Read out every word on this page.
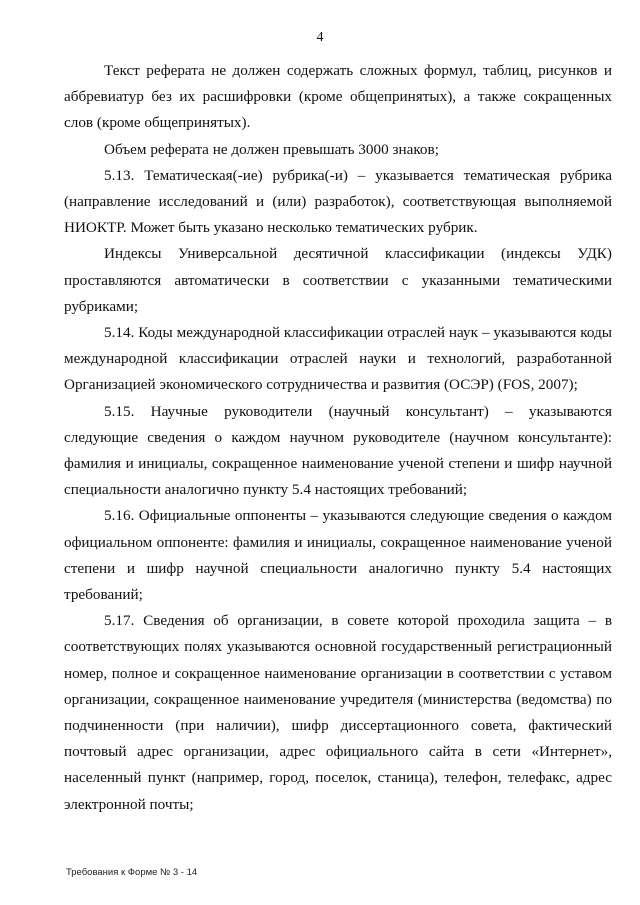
4

Текст реферата не должен содержать сложных формул, таблиц, рисунков и аббревиатур без их расшифровки (кроме общепринятых), а также сокращенных слов (кроме общепринятых).

Объем реферата не должен превышать 3000 знаков;

5.13. Тематическая(-ие) рубрика(-и) – указывается тематическая рубрика (направление исследований и (или) разработок), соответствующая выполняемой НИОКТР. Может быть указано несколько тематических рубрик.

Индексы Универсальной десятичной классификации (индексы УДК) проставляются автоматически в соответствии с указанными тематическими рубриками;

5.14. Коды международной классификации отраслей наук – указываются коды международной классификации отраслей науки и технологий, разработанной Организацией экономического сотрудничества и развития (ОСЭР) (FOS, 2007);

5.15. Научные руководители (научный консультант) – указываются следующие сведения о каждом научном руководителе (научном консультанте): фамилия и инициалы, сокращенное наименование ученой степени и шифр научной специальности аналогично пункту 5.4 настоящих требований;

5.16. Официальные оппоненты – указываются следующие сведения о каждом официальном оппоненте: фамилия и инициалы, сокращенное наименование ученой степени и шифр научной специальности аналогично пункту 5.4 настоящих требований;

5.17. Сведения об организации, в совете которой проходила защита – в соответствующих полях указываются основной государственный регистрационный номер, полное и сокращенное наименование организации в соответствии с уставом организации, сокращенное наименование учредителя (министерства (ведомства) по подчиненности (при наличии), шифр диссертационного совета, фактический почтовый адрес организации, адрес официального сайта в сети «Интернет», населенный пункт (например, город, поселок, станица), телефон, телефакс, адрес электронной почты;

Требования к Форме № 3 - 14
